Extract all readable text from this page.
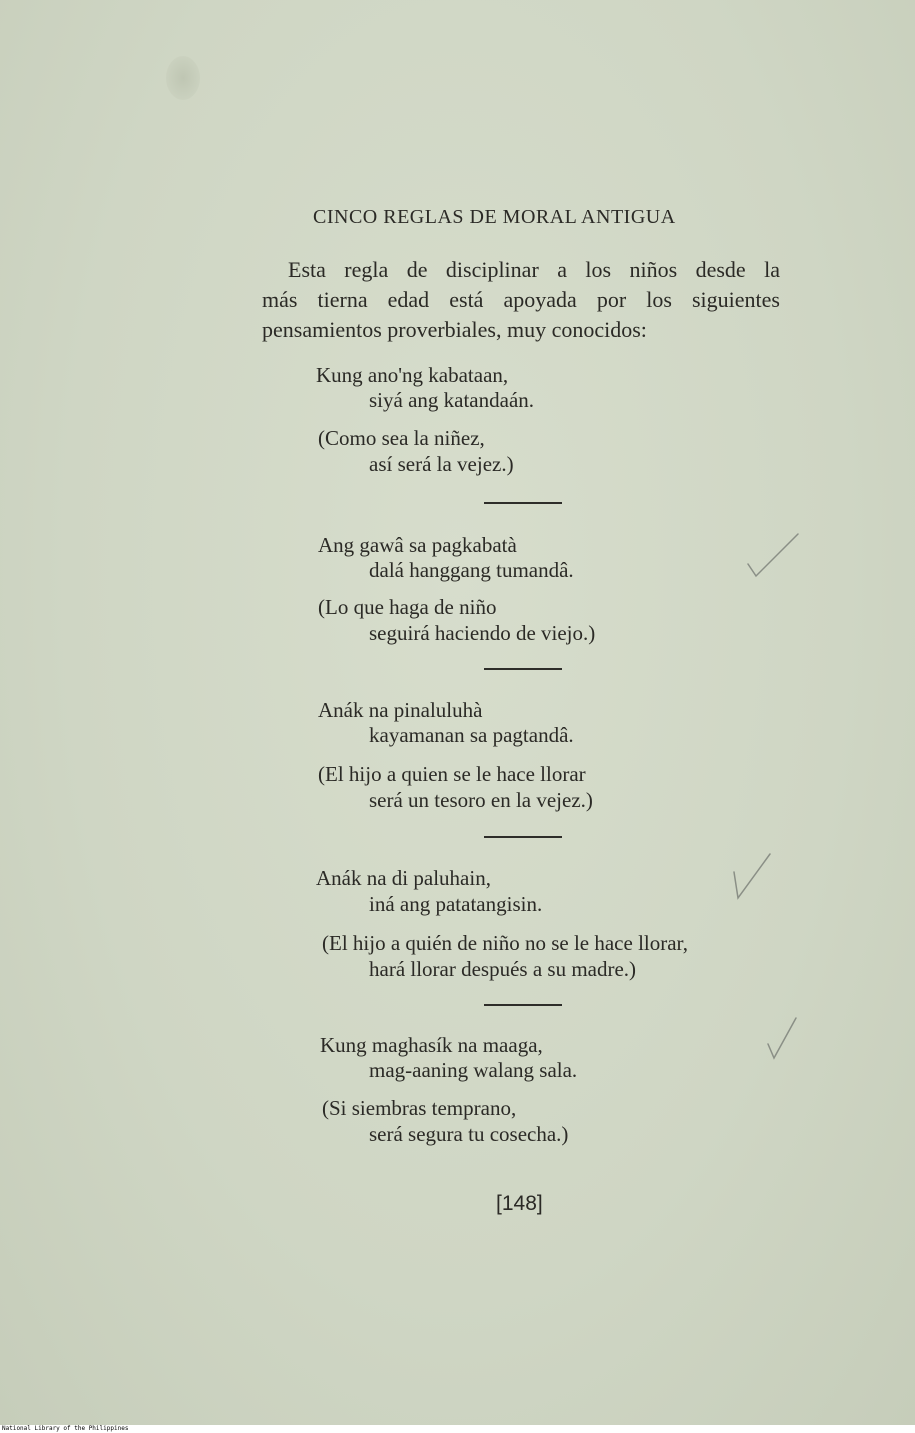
CINCO REGLAS DE MORAL ANTIGUA
Esta regla de disciplinar a los niños desde la
más tierna edad está apoyada por los siguientes
pensamientos proverbiales, muy conocidos:
Kung ano'ng kabataan,
siyá ang katandaán.
(Como sea la niñez,
así será la vejez.)
Ang gawâ sa pagkabatà
dalá hanggang tumandâ.
(Lo que haga de niño
seguirá haciendo de viejo.)
Anák na pinaluluhà
kayamanan sa pagtandâ.
(El hijo a quien se le hace llorar
será un tesoro en la vejez.)
Anák na di paluhain,
iná ang patatangisin.
(El hijo a quién de niño no se le hace llorar,
hará llorar después a su madre.)
Kung maghasík na maaga,
mag-aaning walang sala.
(Si siembras temprano,
será segura tu cosecha.)
[148]
National Library of the Philippines
